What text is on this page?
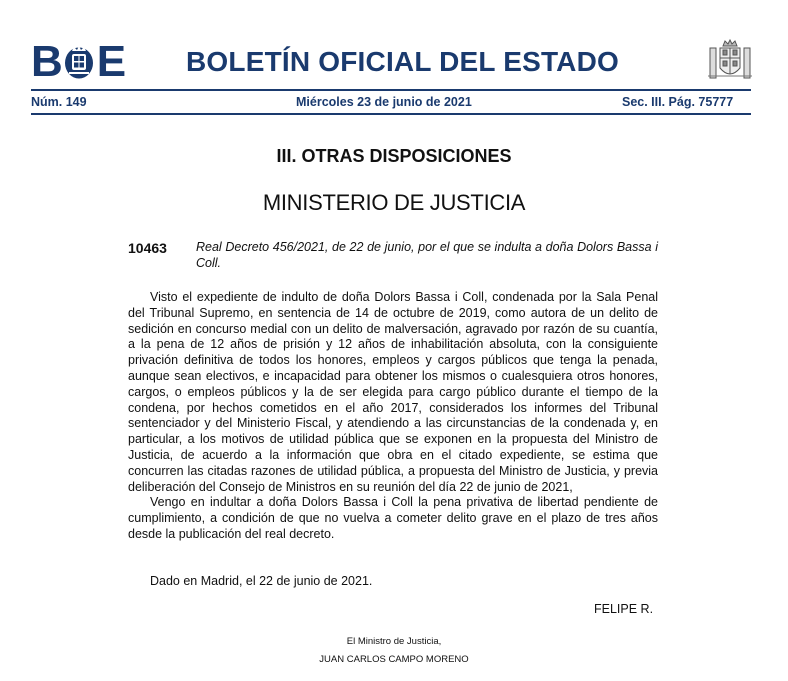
B E BOLETÍN OFICIAL DEL ESTADO
Núm. 149	Miércoles 23 de junio de 2021	Sec. III. Pág. 75777
III. OTRAS DISPOSICIONES
MINISTERIO DE JUSTICIA
10463 Real Decreto 456/2021, de 22 de junio, por el que se indulta a doña Dolors Bassa i Coll.

Visto el expediente de indulto de doña Dolors Bassa i Coll, condenada por la Sala Penal del Tribunal Supremo, en sentencia de 14 de octubre de 2019, como autora de un delito de sedición en concurso medial con un delito de malversación, agravado por razón de su cuantía, a la pena de 12 años de prisión y 12 años de inhabilitación absoluta, con la consiguiente privación definitiva de todos los honores, empleos y cargos públicos que tenga la penada, aunque sean electivos, e incapacidad para obtener los mismos o cualesquiera otros honores, cargos, o empleos públicos y la de ser elegida para cargo público durante el tiempo de la condena, por hechos cometidos en el año 2017, considerados los informes del Tribunal sentenciador y del Ministerio Fiscal, y atendiendo a las circunstancias de la condenada y, en particular, a los motivos de utilidad pública que se exponen en la propuesta del Ministro de Justicia, de acuerdo a la información que obra en el citado expediente, se estima que concurren las citadas razones de utilidad pública, a propuesta del Ministro de Justicia, y previa deliberación del Consejo de Ministros en su reunión del día 22 de junio de 2021,

Vengo en indultar a doña Dolors Bassa i Coll la pena privativa de libertad pendiente de cumplimiento, a condición de que no vuelva a cometer delito grave en el plazo de tres años desde la publicación del real decreto.

Dado en Madrid, el 22 de junio de 2021.
FELIPE R.
El Ministro de Justicia,
JUAN CARLOS CAMPO MORENO
